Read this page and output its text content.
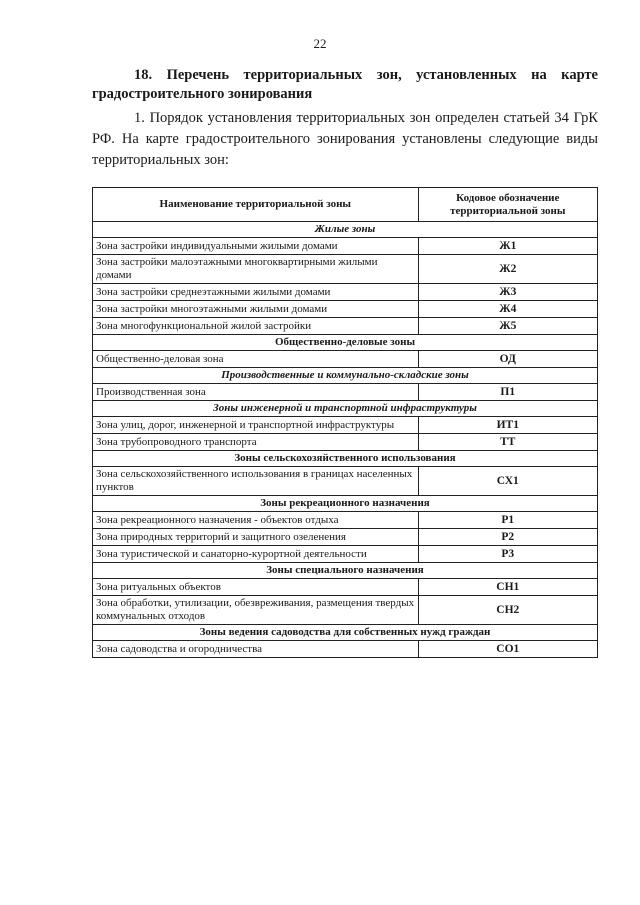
22
18. Перечень территориальных зон, установленных на карте
градостроительного зонирования
1. Порядок установления территориальных зон определен статьей 34 ГрК РФ. На карте градостроительного зонирования установлены следующие виды территориальных зон:
Наименование территориальной зоны	Кодовое обозначение территориальной зоны
Жилые зоны	
Зона застройки индивидуальными жилыми домами	Ж1
Зона застройки малоэтажными многоквартирными жилыми домами	Ж2
Зона застройки среднеэтажными жилыми домами	Ж3
Зона застройки многоэтажными жилыми домами	Ж4
Зона многофункциональной жилой застройки	Ж5
Общественно-деловые зоны	
Общественно-деловая зона	ОД
Производственные и коммунально-складские зоны	
Производственная зона	П1
Зоны инженерной и транспортной инфраструктуры	
Зона улиц, дорог, инженерной и транспортной инфраструктуры	ИТ1
Зона трубопроводного транспорта	ТТ
Зоны сельскохозяйственного использования	
Зона сельскохозяйственного использования в границах населенных пунктов	СХ1
Зоны рекреационного назначения	
Зона рекреационного назначения - объектов отдыха	Р1
Зона природных территорий и защитного озеленения	Р2
Зона туристической и санаторно-курортной деятельности	Р3
Зоны специального назначения	
Зона ритуальных объектов	СН1
Зона обработки, утилизации, обезвреживания, размещения твердых коммунальных отходов	СН2
Зоны ведения садоводства для собственных нужд граждан	
Зона садоводства и огородничества	СО1
